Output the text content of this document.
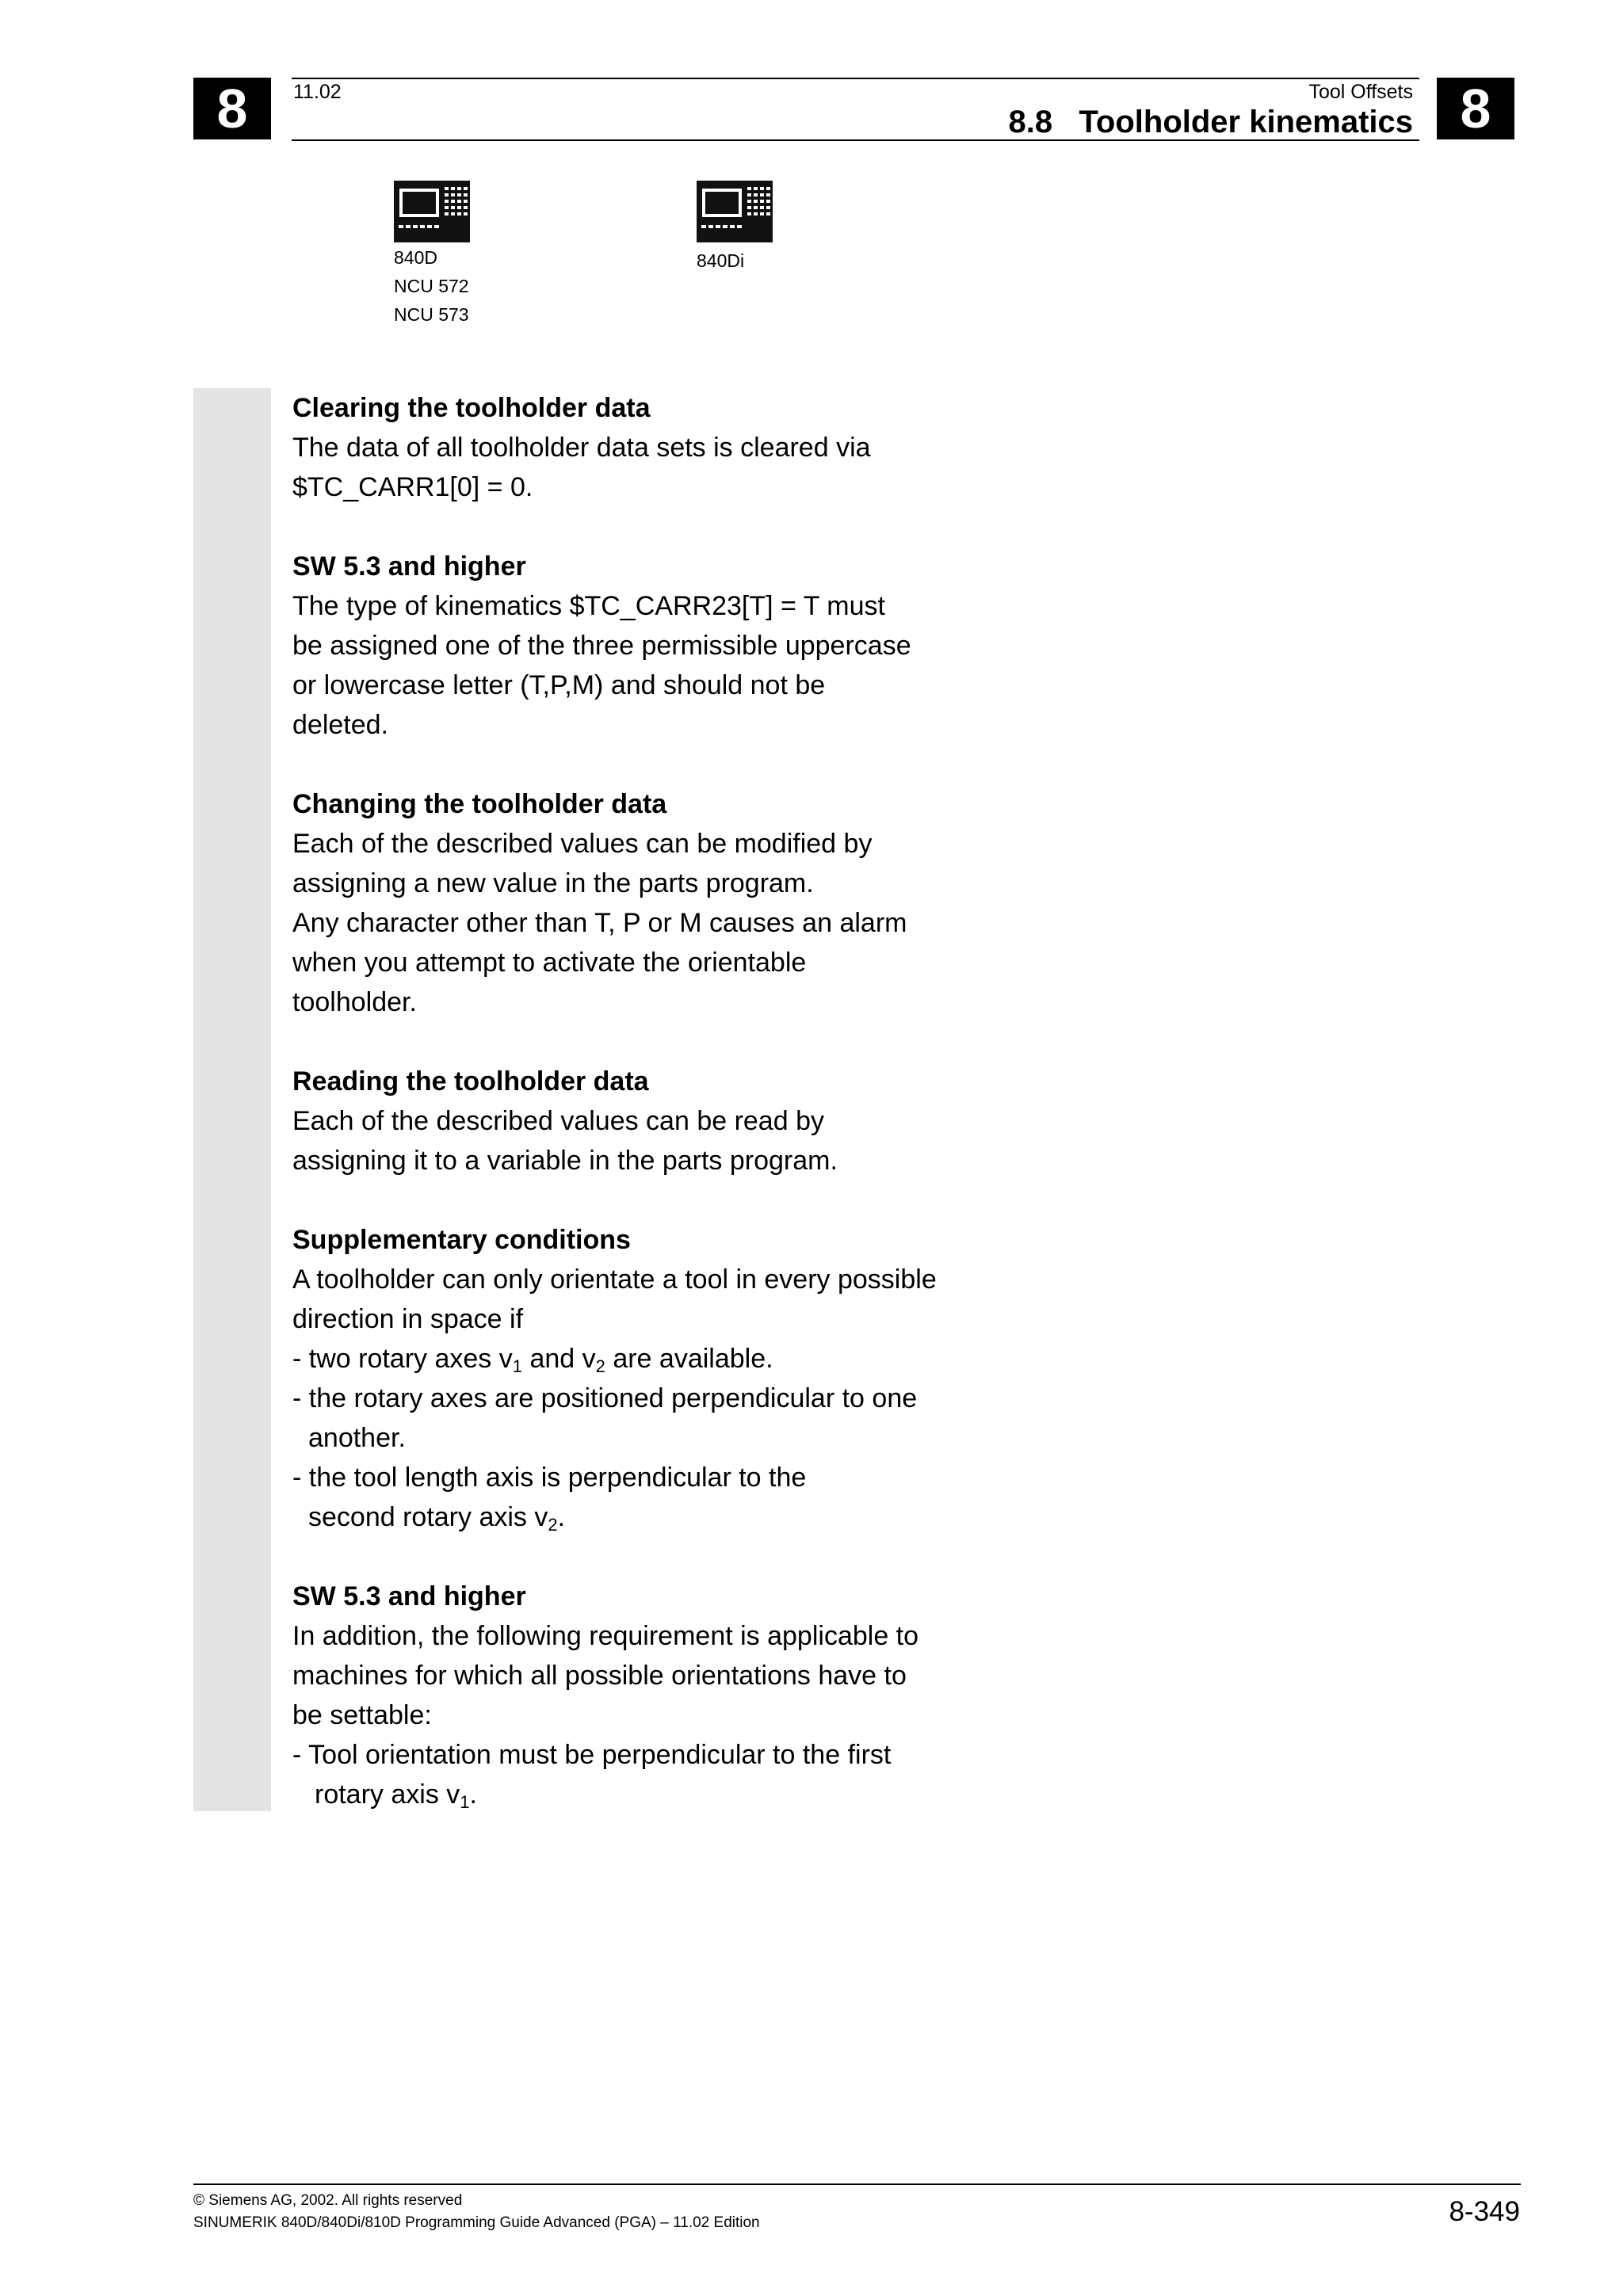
8	8
11.02	Tool Offsets
8.8 Toolholder kinematics
840D
NCU 572
NCU 573
840Di
Clearing the toolholder data

The data of all toolholder data sets is cleared via

$TC_CARR1[0] = 0.

SW 5.3 and higher

The type of kinematics $TC_CARR23[T] = T must

be assigned one of the three permissible uppercase

or lowercase letter (T,P,M) and should not be

deleted.

Changing the toolholder data

Each of the described values can be modified by

assigning a new value in the parts program.

Any character other than T, P or M causes an alarm

when you attempt to activate the orientable

toolholder.

Reading the toolholder data

Each of the described values can be read by

assigning it to a variable in the parts program.

Supplementary conditions

A toolholder can only orientate a tool in every possible

direction in space if

- two rotary axes $v_1$ and $v_2$ are available.

- the rotary axes are positioned perpendicular to one

another.

- the tool length axis is perpendicular to the

second rotary axis $v_2$.

SW 5.3 and higher

In addition, the following requirement is applicable to

machines for which all possible orientations have to

be settable:

- Tool orientation must be perpendicular to the first

rotary axis $v_1$.

© Siemens AG, 2002. All rights reserved
SINUMERIK 840D/840Di/810D Programming Guide Advanced (PGA) – 11.02 Edition	8-349
